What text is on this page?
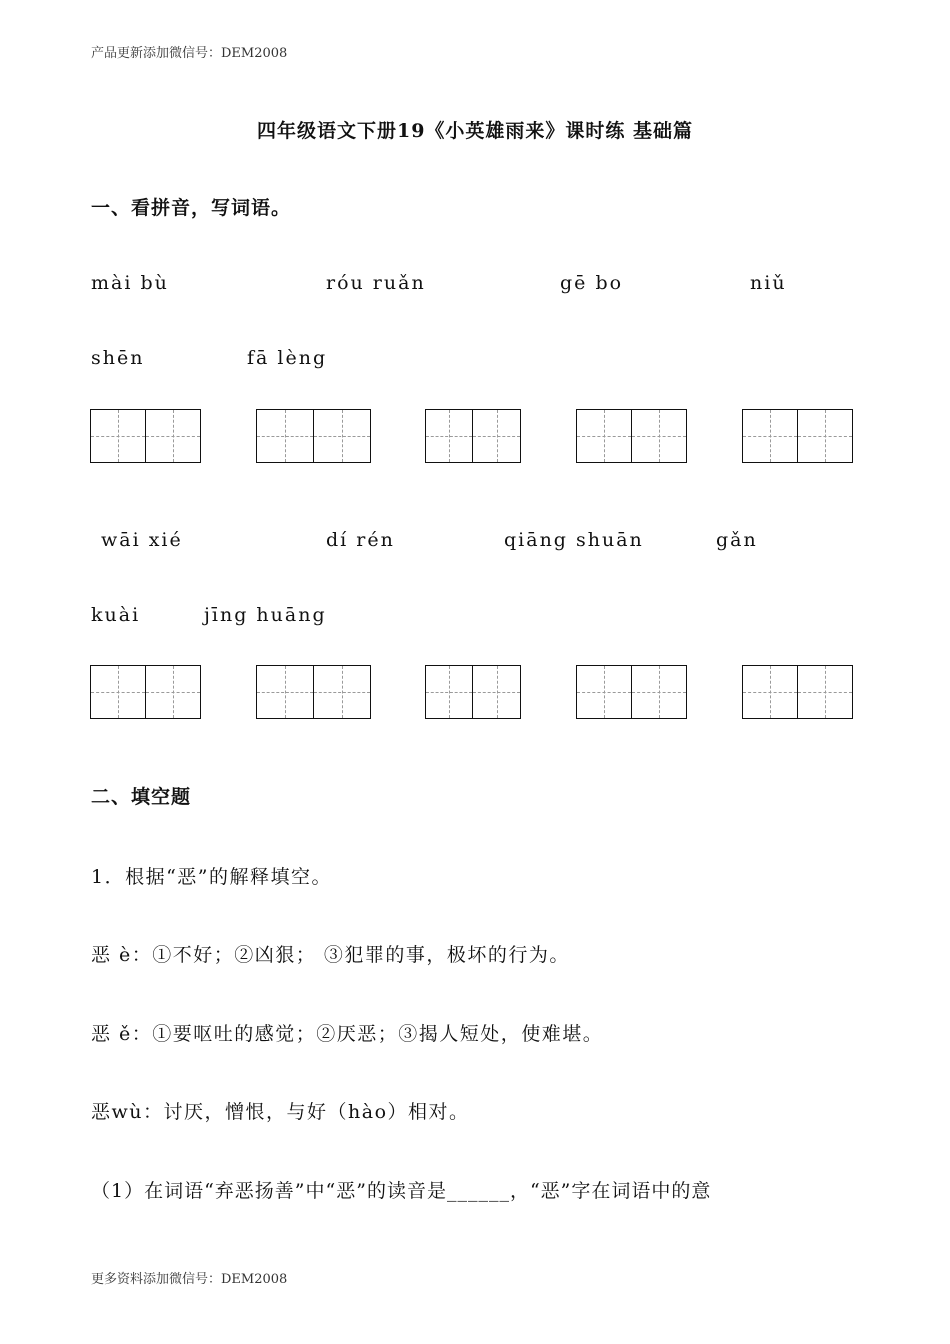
产品更新添加微信号：DEM2008
四年级语文下册19《小英雄雨来》课时练 基础篇
一、看拼音，写词语。
mài bù	róu ruǎn	gē bo	niǔ
shēn	fā lèng
wāi xié	dí rén	qiāng shuān	gǎn
kuài	jīng huāng
二、填空题
1．根据“恶”的解释填空。
恶 è：①不好；②凶狠； ③犯罪的事，极坏的行为。
恶 ě：①要呕吐的感觉；②厌恶；③揭人短处，使难堪。
恶wù：讨厌，憎恨，与好（hào）相对。
（1）在词语“弃恶扬善”中“恶”的读音是______，“恶”字在词语中的意
更多资料添加微信号：DEM2008
